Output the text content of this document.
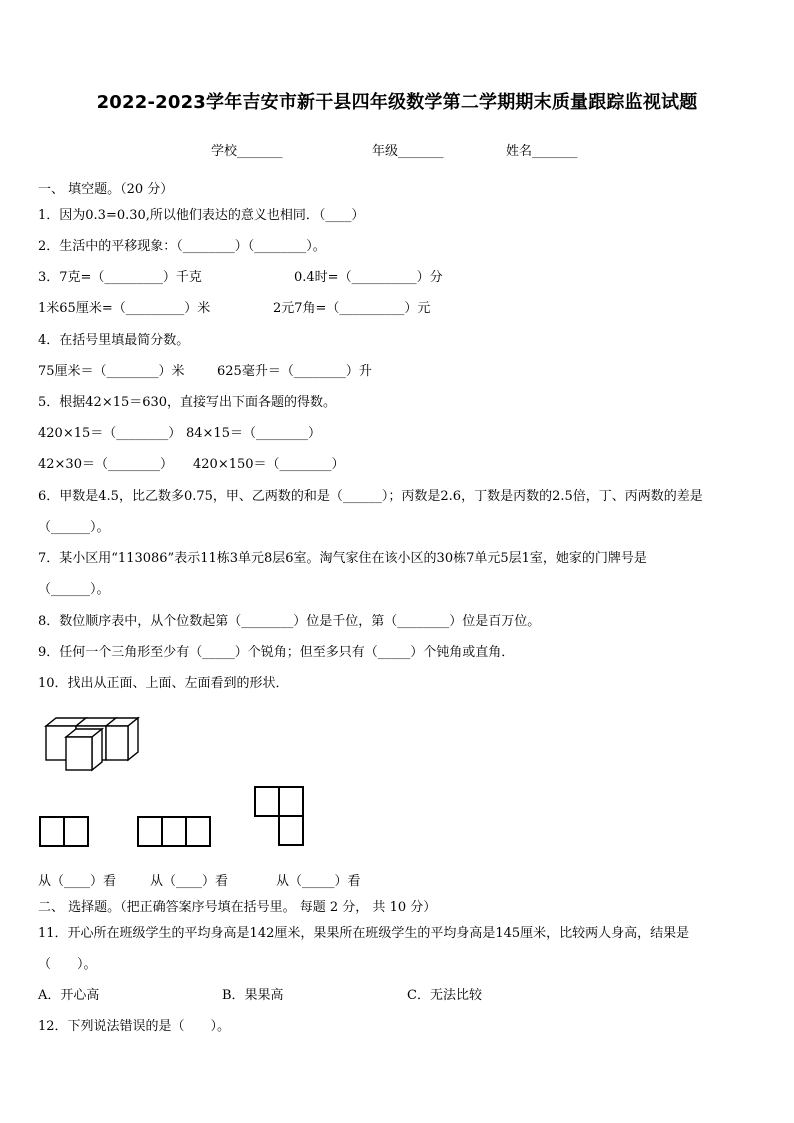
2022-2023学年吉安市新干县四年级数学第二学期期末质量跟踪监视试题
学校_______	年级_______	姓名_______
一、 填空题。（20 分）
1．因为0.3=0.30,所以他们表达的意义也相同．（____）
2．生活中的平移现象：（________）（________）。
3．7克=（_________）千克	0.4时=（__________）分
1米65厘米=（_________）米	2元7角=（__________）元
4．在括号里填最简分数。
75厘米＝（________）米 625毫升＝（________）升
5．根据42×15＝630，直接写出下面各题的得数。
420×15＝（________） 84×15＝（________）
42×30＝（________） 420×150＝（________）
6．甲数是4.5，比乙数多0.75，甲、乙两数的和是（______）；丙数是2.6，丁数是丙数的2.5倍，丁、丙两数的差是
（______）。
7．某小区用“113086”表示11栋3单元8层6室。淘气家住在该小区的30栋7单元5层1室，她家的门牌号是
（______）。
8．数位顺序表中，从个位数起第（________）位是千位，第（________）位是百万位。
9．任何一个三角形至少有（_____）个锐角；但至多只有（_____）个钝角或直角．
10．找出从正面、上面、左面看到的形状．
从（____）看	从（____）看	从（_____）看
二、 选择题。（把正确答案序号填在括号里。 每题 2 分， 共 10 分）
11．开心所在班级学生的平均身高是142厘米，果果所在班级学生的平均身高是145厘米，比较两人身高，结果是
（　　）。
A．开心高	B．果果高	C．无法比较
12．下列说法错误的是（　　）。
